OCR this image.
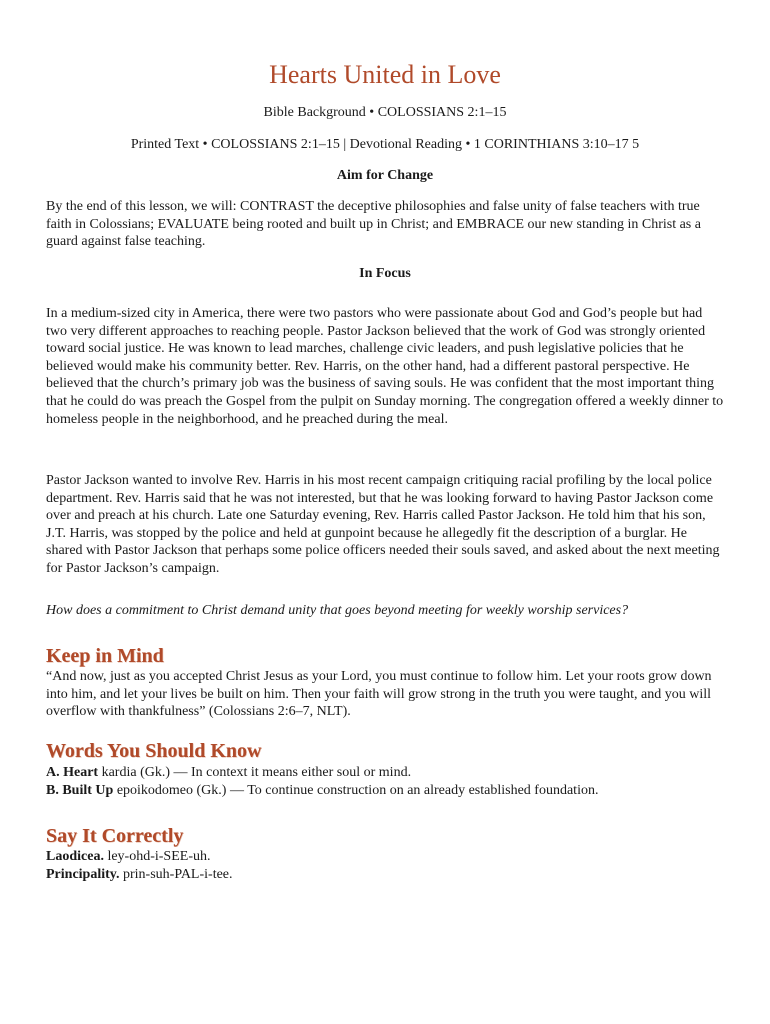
Hearts United in Love

Bible Background • COLOSSIANS 2:1–15

Printed Text • COLOSSIANS 2:1–15 | Devotional Reading • 1 CORINTHIANS 3:10–17 5

Aim for Change

By the end of this lesson, we will: CONTRAST the deceptive philosophies and false unity of false teachers with true faith in Colossians; EVALUATE being rooted and built up in Christ; and EMBRACE our new standing in Christ as a guard against false teaching.

In Focus

In a medium-sized city in America, there were two pastors who were passionate about God and God’s people but had two very different approaches to reaching people. Pastor Jackson believed that the work of God was strongly oriented toward social justice. He was known to lead marches, challenge civic leaders, and push legislative policies that he believed would make his community better. Rev. Harris, on the other hand, had a different pastoral perspective. He believed that the church’s primary job was the business of saving souls. He was confident that the most important thing that he could do was preach the Gospel from the pulpit on Sunday morning. The congregation offered a weekly dinner to homeless people in the neighborhood, and he preached during the meal.

Pastor Jackson wanted to involve Rev. Harris in his most recent campaign critiquing racial profiling by the local police department. Rev. Harris said that he was not interested, but that he was looking forward to having Pastor Jackson come over and preach at his church. Late one Saturday evening, Rev. Harris called Pastor Jackson. He told him that his son, J.T. Harris, was stopped by the police and held at gunpoint because he allegedly fit the description of a burglar. He shared with Pastor Jackson that perhaps some police officers needed their souls saved, and asked about the next meeting for Pastor Jackson’s campaign.

How does a commitment to Christ demand unity that goes beyond meeting for weekly worship services?

Keep in Mind

“And now, just as you accepted Christ Jesus as your Lord, you must continue to follow him. Let your roots grow down into him, and let your lives be built on him. Then your faith will grow strong in the truth you were taught, and you will overflow with thankfulness” (Colossians 2:6–7, NLT).

Words You Should Know

A. Heart kardia (Gk.) — In context it means either soul or mind.

B. Built Up epoikodomeo (Gk.) — To continue construction on an already established foundation.

Say It Correctly

Laodicea. ley-ohd-i-SEE-uh.

Principality. prin-suh-PAL-i-tee.
